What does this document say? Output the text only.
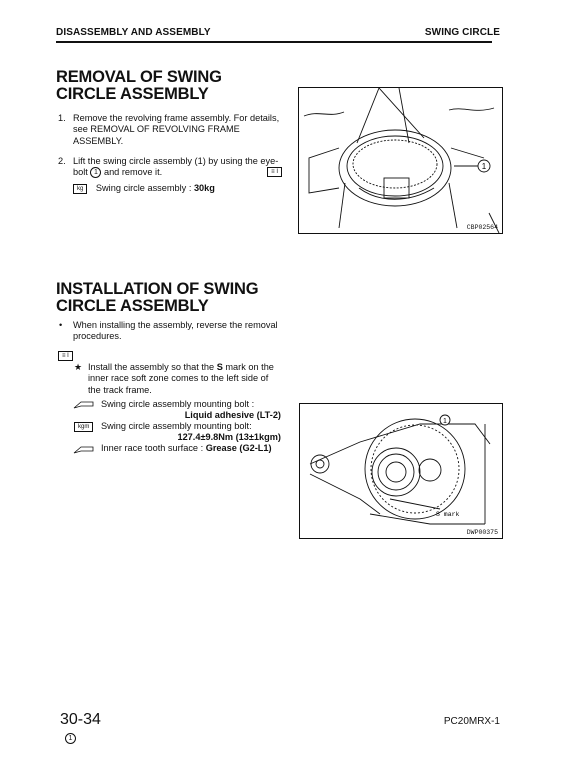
DISASSEMBLY AND ASSEMBLY	SWING CIRCLE
REMOVAL OF SWING CIRCLE ASSEMBLY
1. Remove the revolving frame assembly. For details, see REMOVAL OF REVOLVING FRAME ASSEMBLY.
2. Lift the swing circle assembly (1) by using the eye-
bolt 1 and remove it.	≡ I
kg Swing circle assembly : 30kg
1
CBP02564
INSTALLATION OF SWING CIRCLE ASSEMBLY
• When installing the assembly, reverse the removal procedures.
≡ I
★ Install the assembly so that the S mark on the inner race soft zone comes to the left side of the track frame.
Swing circle assembly mounting bolt :
Liquid adhesive (LT-2)
kgm	Swing circle assembly mounting bolt:
127.4±9.8Nm (13±1kgm)
Inner race tooth surface : Grease (G2-L1)
1
S mark
DWP00375
30-34
1
PC20MRX-1
